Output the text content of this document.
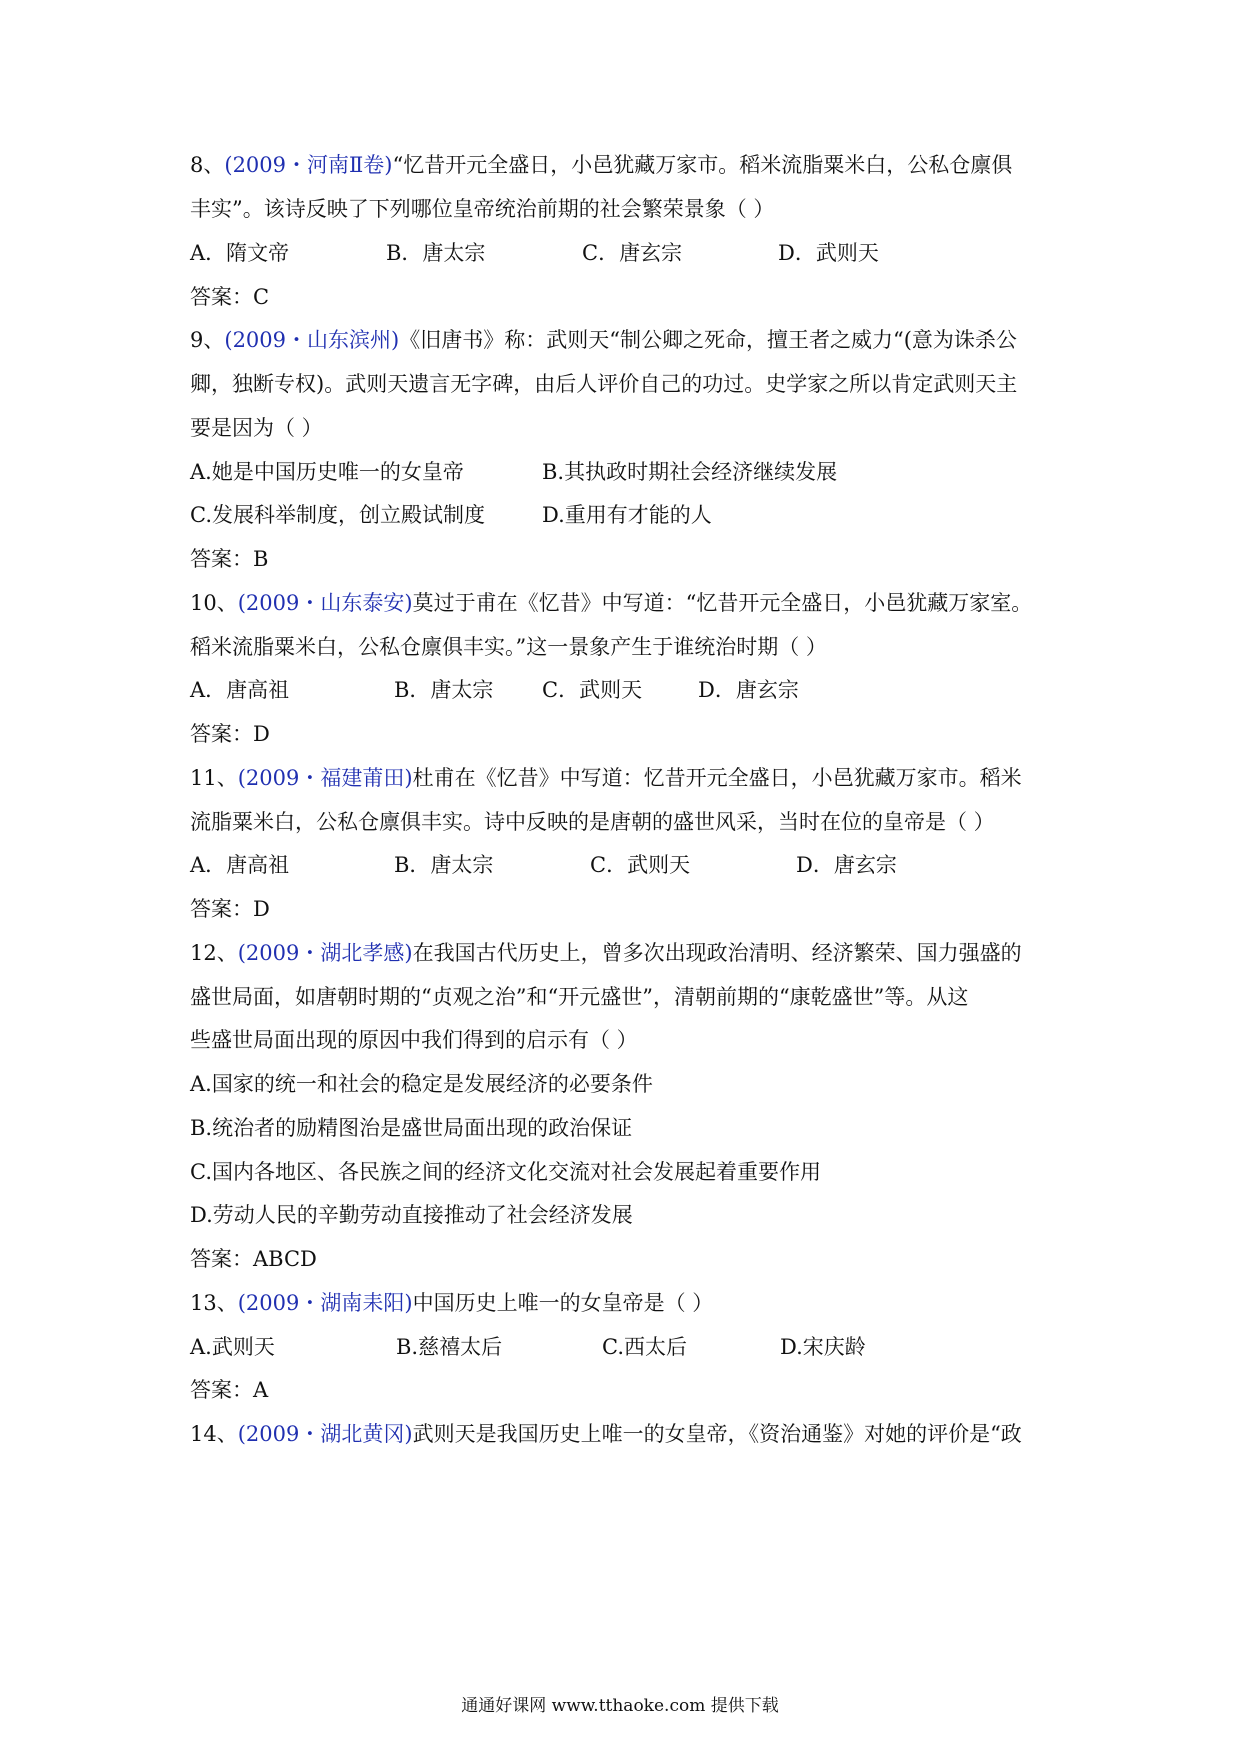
8、(2009・河南Ⅱ卷)“忆昔开元全盛日，小邑犹藏万家市。稻米流脂粟米白，公私仓廪俱
丰实”。该诗反映了下列哪位皇帝统治前期的社会繁荣景象（ ）
A．隋文帝	B．唐太宗	C．唐玄宗	D．武则天
答案：C
9、(2009・山东滨州)《旧唐书》称：武则天“制公卿之死命，擅王者之威力“(意为诛杀公
卿，独断专权)。武则天遗言无字碑，由后人评价自己的功过。史学家之所以肯定武则天主
要是因为（ ）
A.她是中国历史唯一的女皇帝	B.其执政时期社会经济继续发展
C.发展科举制度，创立殿试制度	D.重用有才能的人
答案：B
10、(2009・山东泰安)莫过于甫在《忆昔》中写道：“忆昔开元全盛日，小邑犹藏万家室。
稻米流脂粟米白，公私仓廪俱丰实。”这一景象产生于谁统治时期（ ）
A．唐高祖	B．唐太宗 C．武则天	D．唐玄宗
答案：D
11、(2009・福建莆田)杜甫在《忆昔》中写道：忆昔开元全盛日，小邑犹藏万家市。稻米
流脂粟米白，公私仓廪俱丰实。诗中反映的是唐朝的盛世风采，当时在位的皇帝是（ ）
A．唐高祖	B．唐太宗	C．武则天	D．唐玄宗
答案：D
12、(2009・湖北孝感)在我国古代历史上，曾多次出现政治清明、经济繁荣、国力强盛的
盛世局面，如唐朝时期的“贞观之治”和“开元盛世”，清朝前期的“康乾盛世”等。从这
些盛世局面出现的原因中我们得到的启示有（ ）
A.国家的统一和社会的稳定是发展经济的必要条件
B.统治者的励精图治是盛世局面出现的政治保证
C.国内各地区、各民族之间的经济文化交流对社会发展起着重要作用
D.劳动人民的辛勤劳动直接推动了社会经济发展
答案：ABCD
13、(2009・湖南耒阳)中国历史上唯一的女皇帝是（ ）
A.武则天	B.慈禧太后	C.西太后	D.宋庆龄
答案：A
14、(2009・湖北黄冈)武则天是我国历史上唯一的女皇帝，《资治通鉴》对她的评价是“政
通通好课网 www.tthaoke.com 提供下载
